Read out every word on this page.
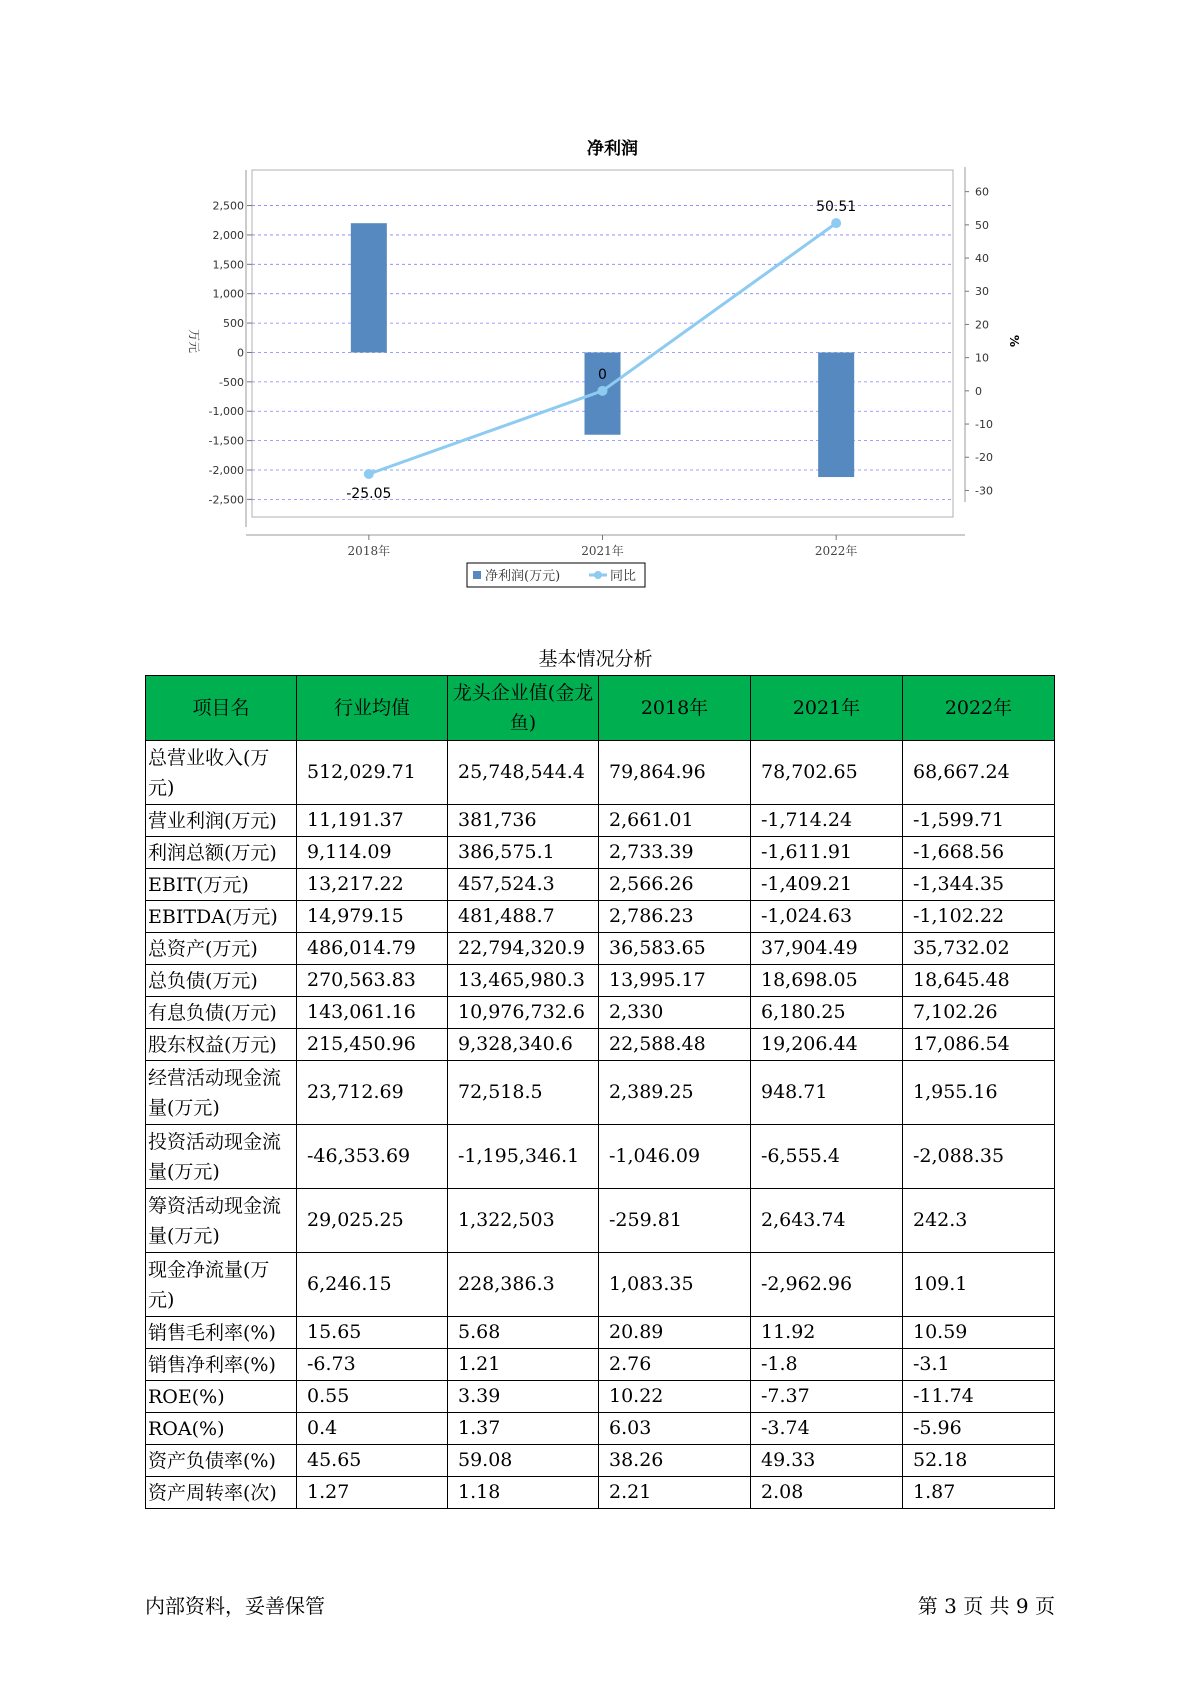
净利润
2,500
2,000
1,500
1,000
500
0
-500
-1,000
-1,500
-2,000
-2,500
60
50
40
30
20
10
0
-10
-20
-30
万元	%
2018年	2021年	2022年
-25.05
0
50.51
净利润(万元)	同比
基本情况分析
项目名	行业均值	龙头企业值(金龙鱼)	2018年	2021年	2022年
总营业收入(万元)	512,029.71	25,748,544.4	79,864.96	78,702.65	68,667.24
营业利润(万元)	11,191.37	381,736	2,661.01	-1,714.24	-1,599.71
利润总额(万元)	9,114.09	386,575.1	2,733.39	-1,611.91	-1,668.56
EBIT(万元)	13,217.22	457,524.3	2,566.26	-1,409.21	-1,344.35
EBITDA(万元)	14,979.15	481,488.7	2,786.23	-1,024.63	-1,102.22
总资产(万元)	486,014.79	22,794,320.9	36,583.65	37,904.49	35,732.02
总负债(万元)	270,563.83	13,465,980.3	13,995.17	18,698.05	18,645.48
有息负债(万元)	143,061.16	10,976,732.6	2,330	6,180.25	7,102.26
股东权益(万元)	215,450.96	9,328,340.6	22,588.48	19,206.44	17,086.54
经营活动现金流量(万元)	23,712.69	72,518.5	2,389.25	948.71	1,955.16
投资活动现金流量(万元)	-46,353.69	-1,195,346.1	-1,046.09	-6,555.4	-2,088.35
筹资活动现金流量(万元)	29,025.25	1,322,503	-259.81	2,643.74	242.3
现金净流量(万元)	6,246.15	228,386.3	1,083.35	-2,962.96	109.1
销售毛利率(%)	15.65	5.68	20.89	11.92	10.59
销售净利率(%)	-6.73	1.21	2.76	-1.8	-3.1
ROE(%)	0.55	3.39	10.22	-7.37	-11.74
ROA(%)	0.4	1.37	6.03	-3.74	-5.96
资产负债率(%)	45.65	59.08	38.26	49.33	52.18
资产周转率(次)	1.27	1.18	2.21	2.08	1.87
内部资料，妥善保管	第 3 页 共 9 页
